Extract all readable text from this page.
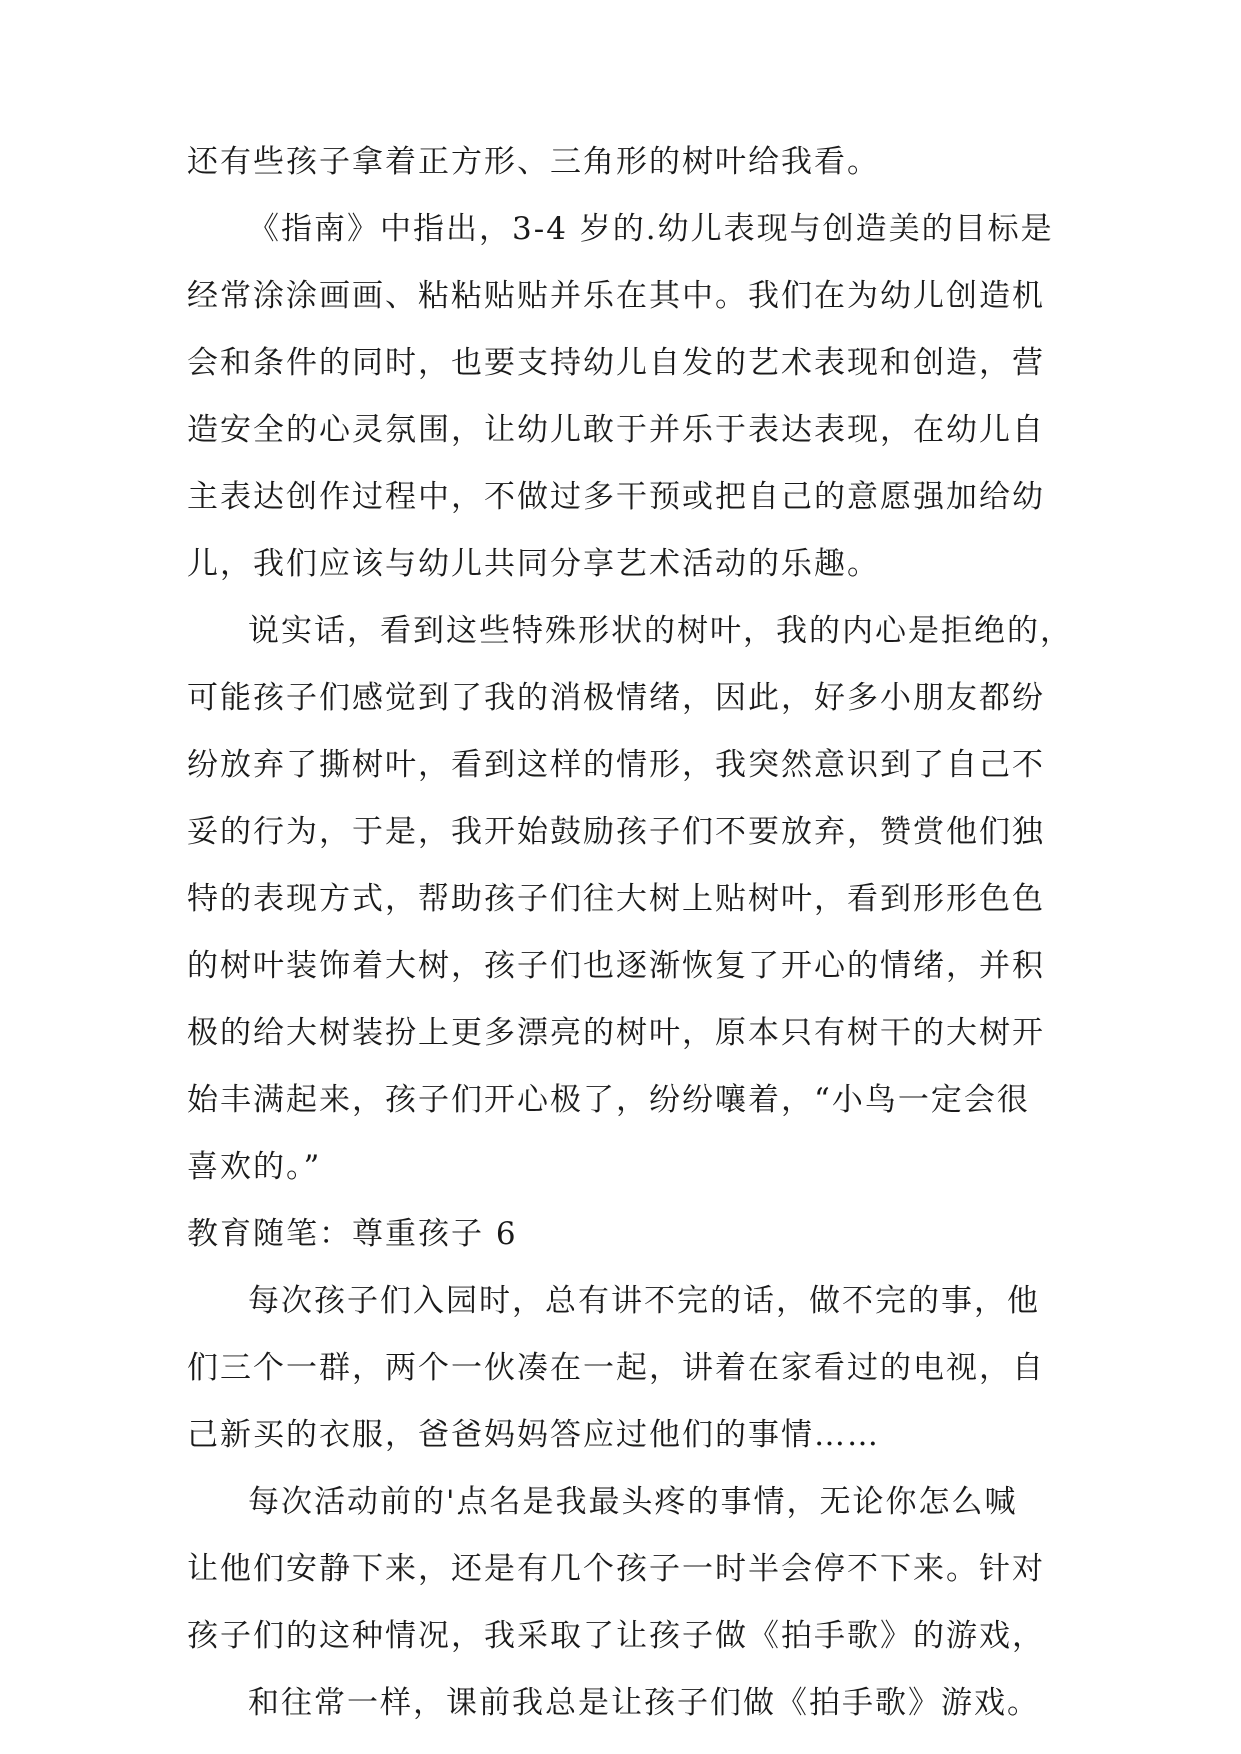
还有些孩子拿着正方形、三角形的树叶给我看。
《指南》中指出，3-4 岁的.幼儿表现与创造美的目标是
经常涂涂画画、粘粘贴贴并乐在其中。我们在为幼儿创造机
会和条件的同时，也要支持幼儿自发的艺术表现和创造，营
造安全的心灵氛围，让幼儿敢于并乐于表达表现，在幼儿自
主表达创作过程中，不做过多干预或把自己的意愿强加给幼
儿，我们应该与幼儿共同分享艺术活动的乐趣。
说实话，看到这些特殊形状的树叶，我的内心是拒绝的，
可能孩子们感觉到了我的消极情绪，因此，好多小朋友都纷
纷放弃了撕树叶，看到这样的情形，我突然意识到了自己不
妥的行为，于是，我开始鼓励孩子们不要放弃，赞赏他们独
特的表现方式，帮助孩子们往大树上贴树叶，看到形形色色
的树叶装饰着大树，孩子们也逐渐恢复了开心的情绪，并积
极的给大树装扮上更多漂亮的树叶，原本只有树干的大树开
始丰满起来，孩子们开心极了，纷纷嚷着，“小鸟一定会很
喜欢的。”
教育随笔：尊重孩子 6
每次孩子们入园时，总有讲不完的话，做不完的事，他
们三个一群，两个一伙凑在一起，讲着在家看过的电视，自
己新买的衣服，爸爸妈妈答应过他们的事情……
每次活动前的'点名是我最头疼的事情，无论你怎么喊
让他们安静下来，还是有几个孩子一时半会停不下来。针对
孩子们的这种情况，我采取了让孩子做《拍手歌》的游戏，
和往常一样，课前我总是让孩子们做《拍手歌》游戏。
